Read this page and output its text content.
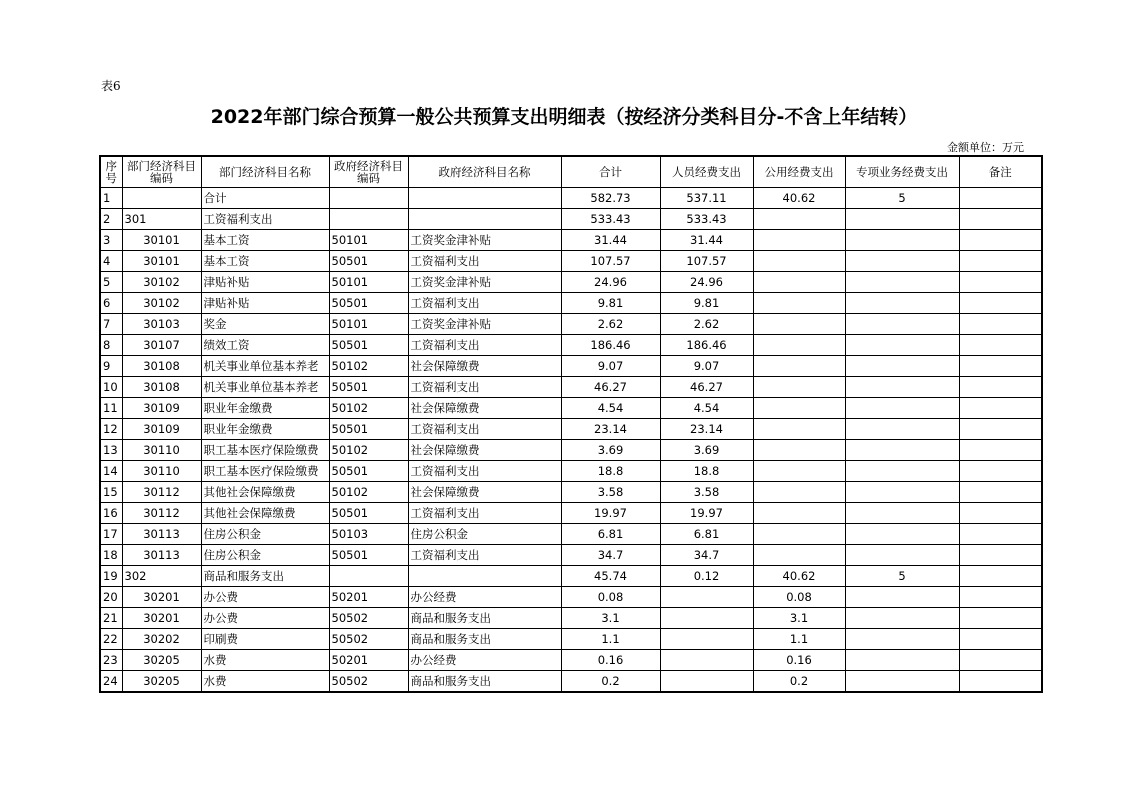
表6
2022年部门综合预算一般公共预算支出明细表（按经济分类科目分-不含上年结转）
金额单位：万元
序号	部门经济科目编码	部门经济科目名称	政府经济科目编码	政府经济科目名称	合计	人员经费支出	公用经费支出	专项业务经费支出	备注
1		合计			582.73	537.11	40.62	5	
2	301	工资福利支出			533.43	533.43			
3	30101	基本工资	50101	工资奖金津补贴	31.44	31.44			
4	30101	基本工资	50501	工资福利支出	107.57	107.57			
5	30102	津贴补贴	50101	工资奖金津补贴	24.96	24.96			
6	30102	津贴补贴	50501	工资福利支出	9.81	9.81			
7	30103	奖金	50101	工资奖金津补贴	2.62	2.62			
8	30107	绩效工资	50501	工资福利支出	186.46	186.46			
9	30108	机关事业单位基本养老	50102	社会保障缴费	9.07	9.07			
10	30108	机关事业单位基本养老	50501	工资福利支出	46.27	46.27			
11	30109	职业年金缴费	50102	社会保障缴费	4.54	4.54			
12	30109	职业年金缴费	50501	工资福利支出	23.14	23.14			
13	30110	职工基本医疗保险缴费	50102	社会保障缴费	3.69	3.69			
14	30110	职工基本医疗保险缴费	50501	工资福利支出	18.8	18.8			
15	30112	其他社会保障缴费	50102	社会保障缴费	3.58	3.58			
16	30112	其他社会保障缴费	50501	工资福利支出	19.97	19.97			
17	30113	住房公积金	50103	住房公积金	6.81	6.81			
18	30113	住房公积金	50501	工资福利支出	34.7	34.7			
19	302	商品和服务支出			45.74	0.12	40.62	5	
20	30201	办公费	50201	办公经费	0.08		0.08		
21	30201	办公费	50502	商品和服务支出	3.1		3.1		
22	30202	印刷费	50502	商品和服务支出	1.1		1.1		
23	30205	水费	50201	办公经费	0.16		0.16		
24	30205	水费	50502	商品和服务支出	0.2		0.2		
